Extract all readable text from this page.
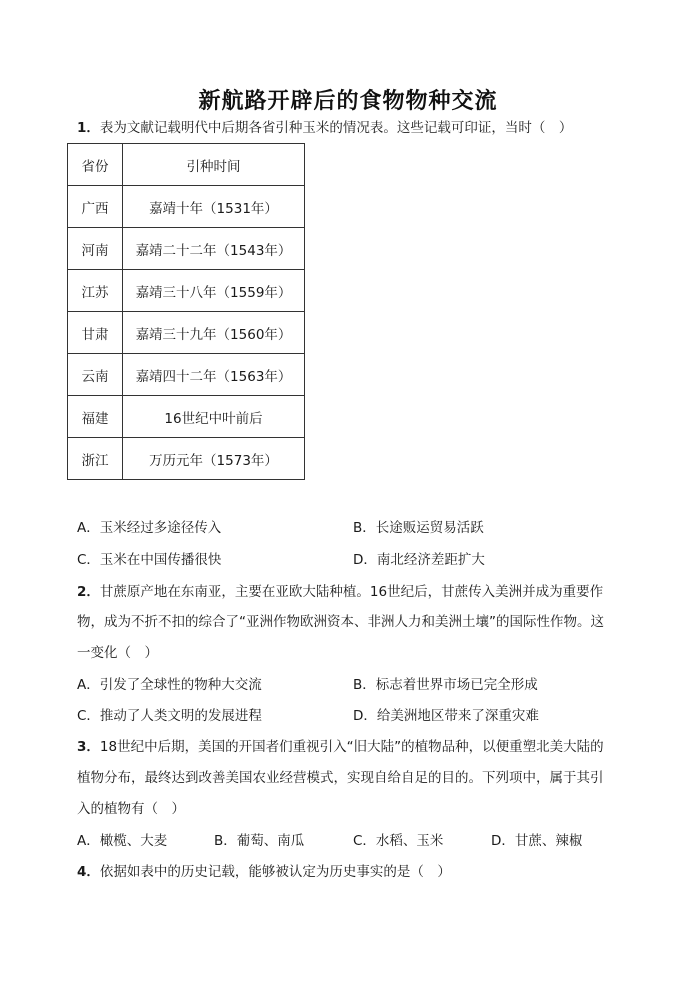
新航路开辟后的食物物种交流
1．表为文献记载明代中后期各省引种玉米的情况表。这些记载可印证，当时（　）
省份	引种时间
广西	嘉靖十年（1531年）
河南	嘉靖二十二年（1543年）
江苏	嘉靖三十八年（1559年）
甘肃	嘉靖三十九年（1560年）
云南	嘉靖四十二年（1563年）
福建	16世纪中叶前后
浙江	万历元年（1573年）
A．玉米经过多途径传入	B．长途贩运贸易活跃
C．玉米在中国传播很快	D．南北经济差距扩大
2．甘蔗原产地在东南亚，主要在亚欧大陆种植。16世纪后，甘蔗传入美洲并成为重要作
物，成为不折不扣的综合了“亚洲作物欧洲资本、非洲人力和美洲土壤”的国际性作物。这
一变化（　）
A．引发了全球性的物种大交流	B．标志着世界市场已完全形成
C．推动了人类文明的发展进程	D．给美洲地区带来了深重灾难
3．18世纪中后期，美国的开国者们重视引入“旧大陆”的植物品种，以便重塑北美大陆的
植物分布，最终达到改善美国农业经营模式，实现自给自足的目的。下列项中，属于其引
入的植物有（　）
A．橄榄、大麦	B．葡萄、南瓜	C．水稻、玉米	D．甘蔗、辣椒
4．依据如表中的历史记载，能够被认定为历史事实的是（　）
